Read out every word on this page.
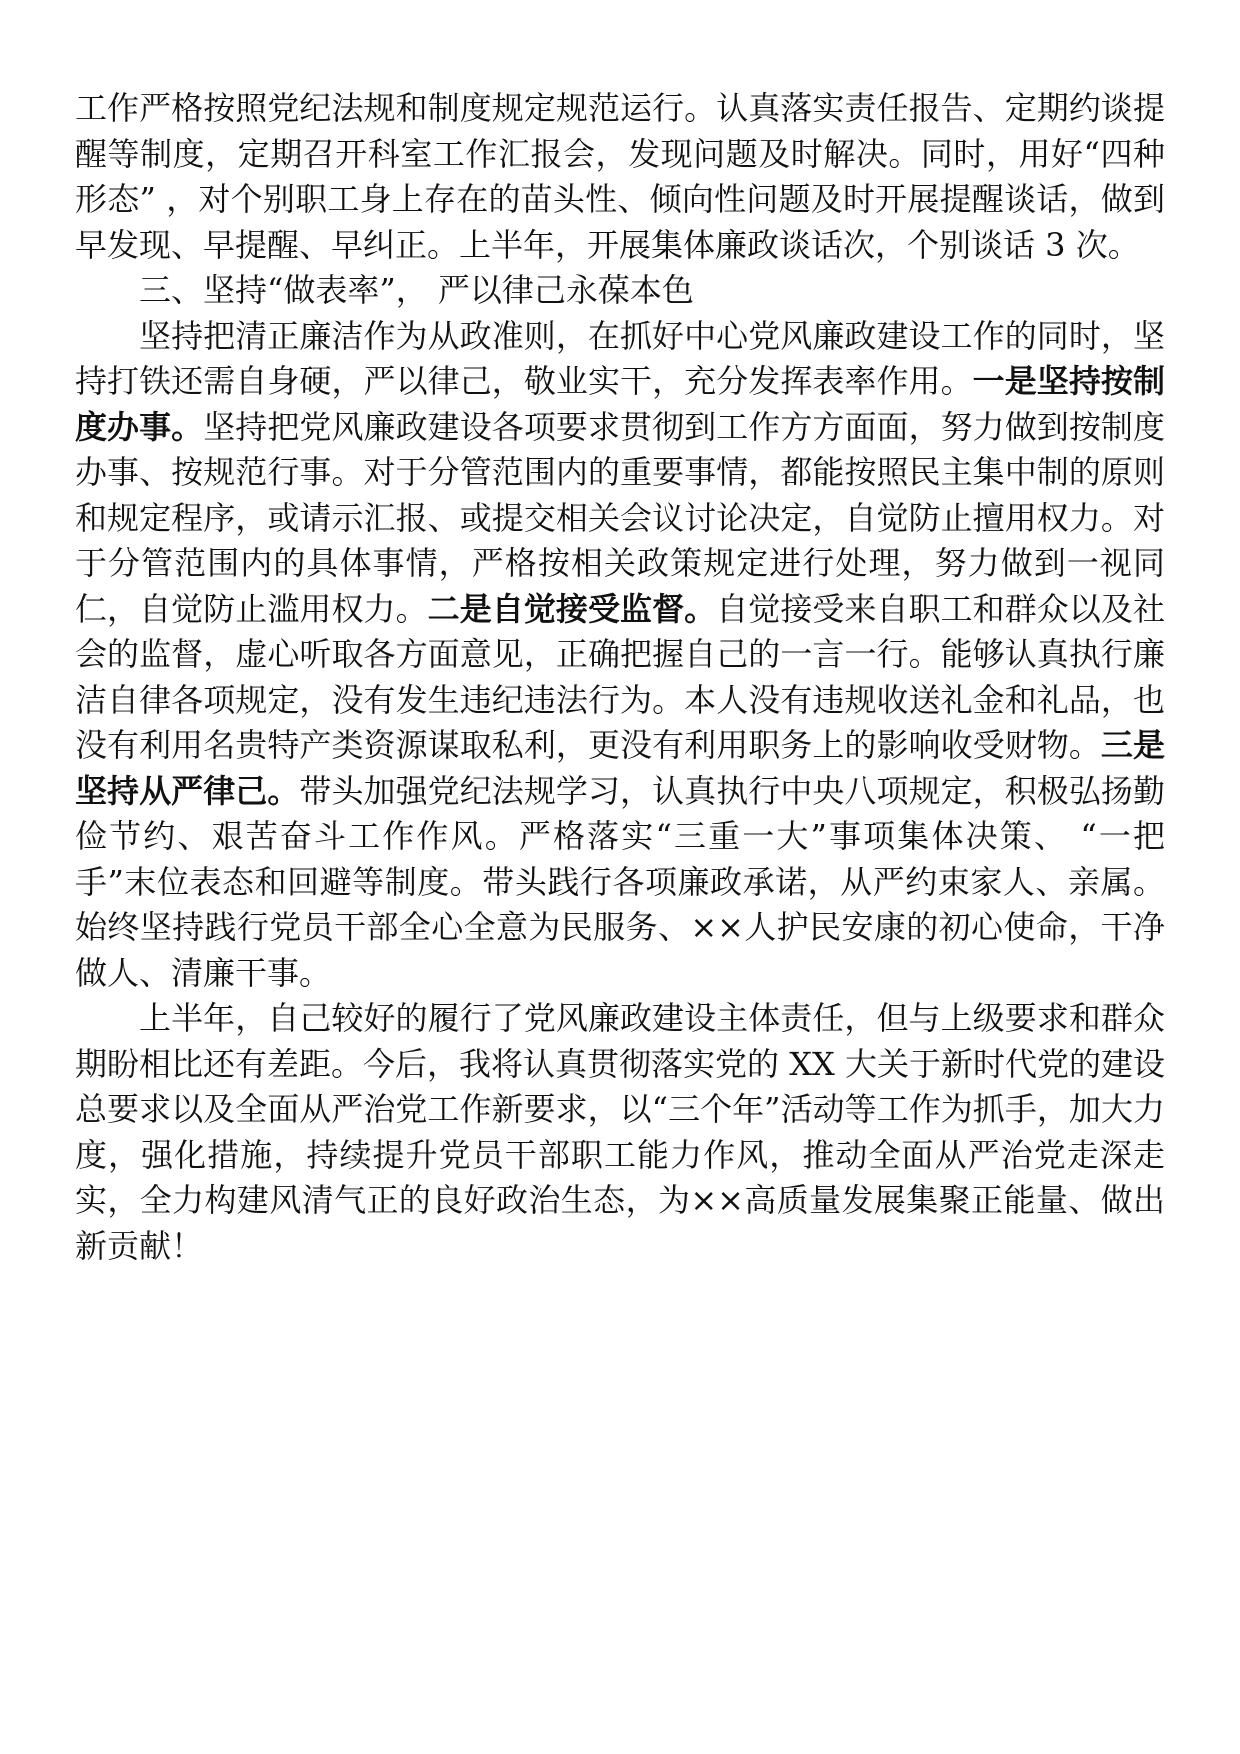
工作严格按照党纪法规和制度规定规范运行。认真落实责任报告、定期约谈提醒等制度，定期召开科室工作汇报会，发现问题及时解决。同时，用好“四种形态” ，对个别职工身上存在的苗头性、倾向性问题及时开展提醒谈话，做到早发现、早提醒、早纠正。上半年，开展集体廉政谈话次，个别谈话 3 次。

三、坚持“做表率”， 严以律己永葆本色

坚持把清正廉洁作为从政准则，在抓好中心党风廉政建设工作的同时，坚持打铁还需自身硬，严以律己，敬业实干，充分发挥表率作用。一是坚持按制度办事。坚持把党风廉政建设各项要求贯彻到工作方方面面，努力做到按制度办事、按规范行事。对于分管范围内的重要事情，都能按照民主集中制的原则和规定程序，或请示汇报、或提交相关会议讨论决定，自觉防止擅用权力。对于分管范围内的具体事情，严格按相关政策规定进行处理，努力做到一视同仁，自觉防止滥用权力。二是自觉接受监督。自觉接受来自职工和群众以及社会的监督，虚心听取各方面意见，正确把握自己的一言一行。能够认真执行廉洁自律各项规定，没有发生违纪违法行为。本人没有违规收送礼金和礼品，也没有利用名贵特产类资源谋取私利，更没有利用职务上的影响收受财物。三是坚持从严律己。带头加强党纪法规学习，认真执行中央八项规定，积极弘扬勤俭节约、艰苦奋斗工作作风。严格落实“三重一大”事项集体决策、 “一把手”末位表态和回避等制度。带头践行各项廉政承诺，从严约束家人、亲属。始终坚持践行党员干部全心全意为民服务、××人护民安康的初心使命，干净做人、清廉干事。

上半年，自己较好的履行了党风廉政建设主体责任，但与上级要求和群众期盼相比还有差距。今后，我将认真贯彻落实党的 XX 大关于新时代党的建设总要求以及全面从严治党工作新要求，以“三个年”活动等工作为抓手，加大力度，强化措施，持续提升党员干部职工能力作风，推动全面从严治党走深走实，全力构建风清气正的良好政治生态，为××高质量发展集聚正能量、做出新贡献！
